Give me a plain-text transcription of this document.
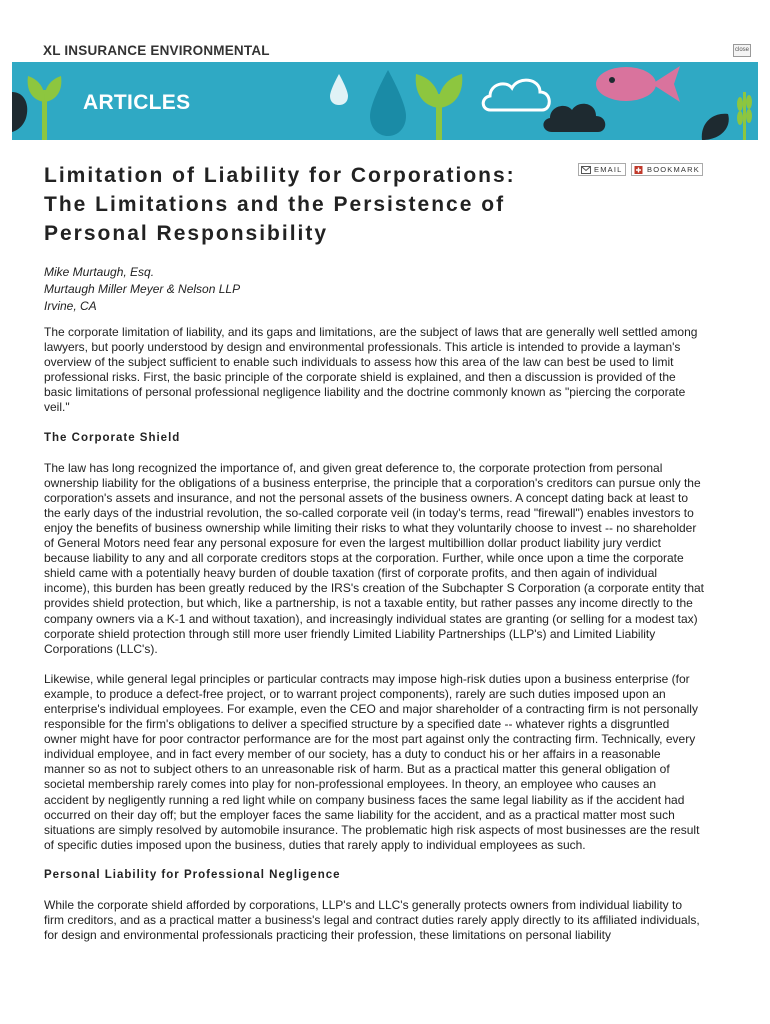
XL INSURANCE ENVIRONMENTAL	close
ARTICLES
EMAIL	BOOKMARK
Limitation of Liability for Corporations: The Limitations and the Persistence of Personal Responsibility
Mike Murtaugh, Esq.
Murtaugh Miller Meyer & Nelson LLP
Irvine, CA

The corporate limitation of liability, and its gaps and limitations, are the subject of laws that are generally well settled among lawyers, but poorly understood by design and environmental professionals. This article is intended to provide a layman's overview of the subject sufficient to enable such individuals to assess how this area of the law can best be used to limit professional risks. First, the basic principle of the corporate shield is explained, and then a discussion is provided of the basic limitations of personal professional negligence liability and the doctrine commonly known as "piercing the corporate veil."

The Corporate Shield

The law has long recognized the importance of, and given great deference to, the corporate protection from personal ownership liability for the obligations of a business enterprise, the principle that a corporation's creditors can pursue only the corporation's assets and insurance, and not the personal assets of the business owners. A concept dating back at least to the early days of the industrial revolution, the so-called corporate veil (in today's terms, read "firewall") enables investors to enjoy the benefits of business ownership while limiting their risks to what they voluntarily choose to invest -- no shareholder of General Motors need fear any personal exposure for even the largest multibillion dollar product liability jury verdict because liability to any and all corporate creditors stops at the corporation. Further, while once upon a time the corporate shield came with a potentially heavy burden of double taxation (first of corporate profits, and then again of individual income), this burden has been greatly reduced by the IRS's creation of the Subchapter S Corporation (a corporate entity that provides shield protection, but which, like a partnership, is not a taxable entity, but rather passes any income directly to the company owners via a K-1 and without taxation), and increasingly individual states are granting (or selling for a modest tax) corporate shield protection through still more user friendly Limited Liability Partnerships (LLP's) and Limited Liability Corporations (LLC's).

Likewise, while general legal principles or particular contracts may impose high-risk duties upon a business enterprise (for example, to produce a defect-free project, or to warrant project components), rarely are such duties imposed upon an enterprise's individual employees. For example, even the CEO and major shareholder of a contracting firm is not personally responsible for the firm's obligations to deliver a specified structure by a specified date -- whatever rights a disgruntled owner might have for poor contractor performance are for the most part against only the contracting firm. Technically, every individual employee, and in fact every member of our society, has a duty to conduct his or her affairs in a reasonable manner so as not to subject others to an unreasonable risk of harm. But as a practical matter this general obligation of societal membership rarely comes into play for non-professional employees. In theory, an employee who causes an accident by negligently running a red light while on company business faces the same legal liability as if the accident had occurred on their day off; but the employer faces the same liability for the accident, and as a practical matter most such situations are simply resolved by automobile insurance. The problematic high risk aspects of most businesses are the result of specific duties imposed upon the business, duties that rarely apply to individual employees as such.

Personal Liability for Professional Negligence

While the corporate shield afforded by corporations, LLP's and LLC's generally protects owners from individual liability to firm creditors, and as a practical matter a business's legal and contract duties rarely apply directly to its affiliated individuals, for design and environmental professionals practicing their profession, these limitations on personal liability
